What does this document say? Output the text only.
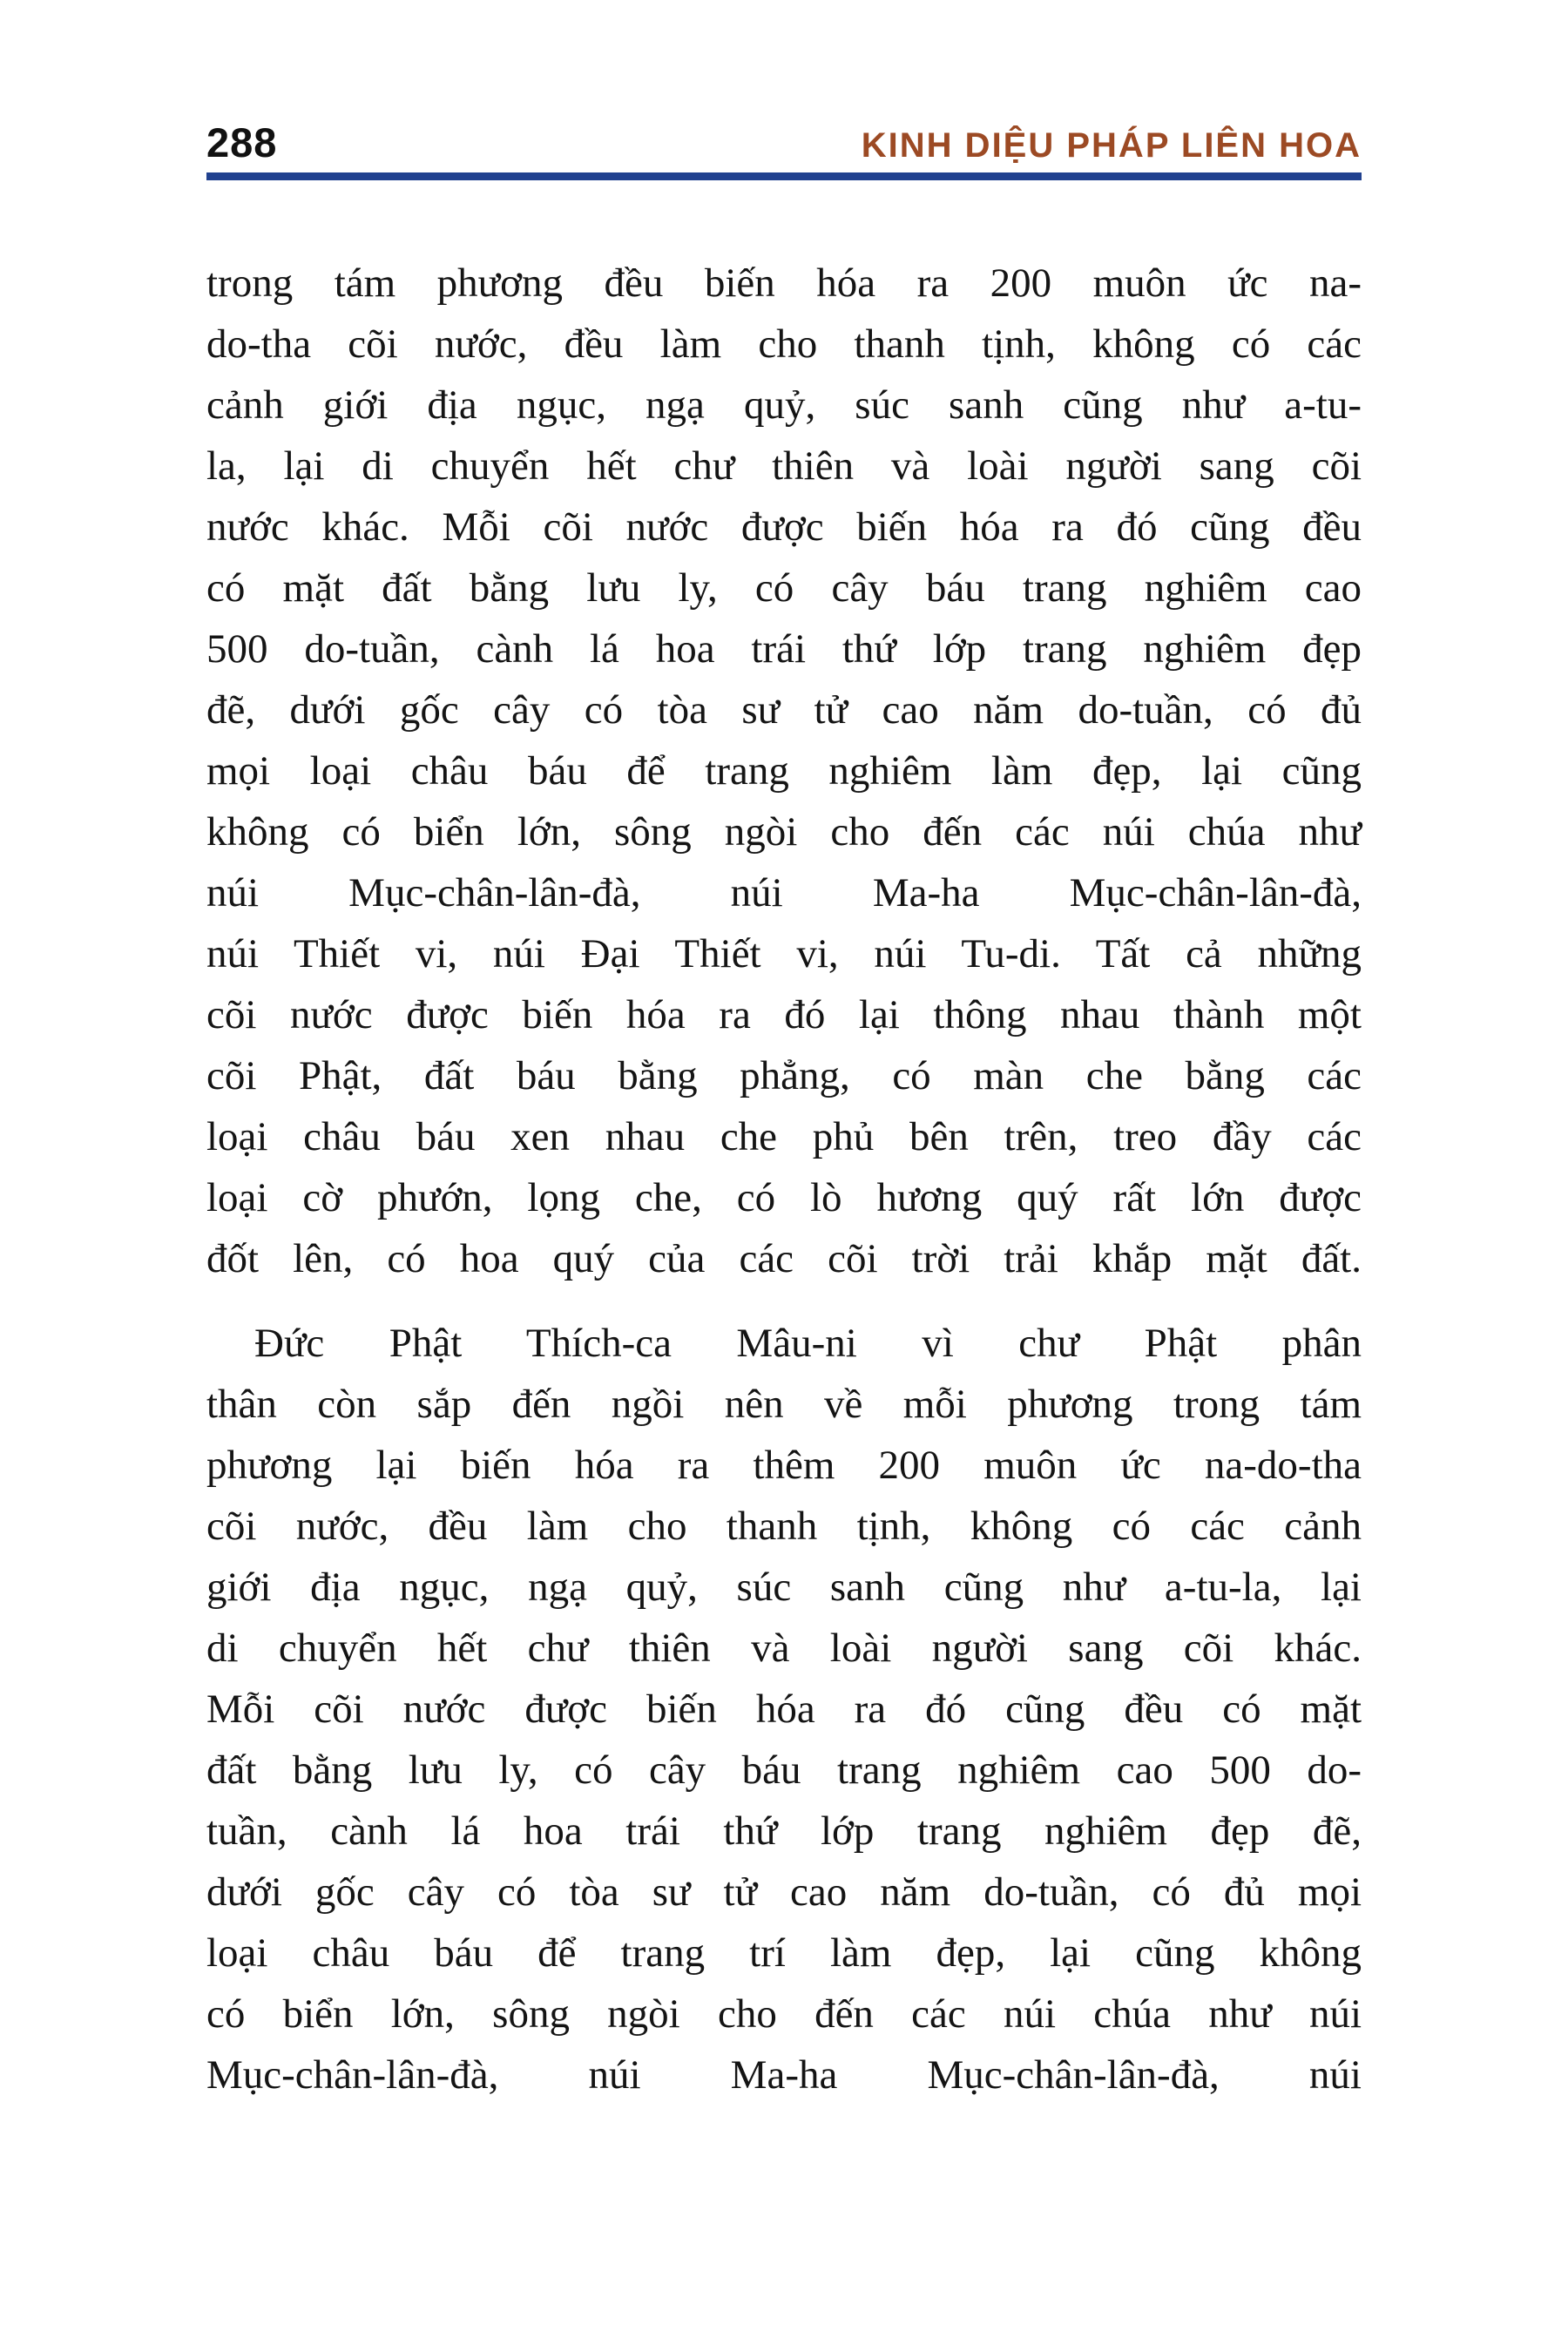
288	KINH DIỆU PHÁP LIÊN HOA
trong tám phương đều biến hóa ra 200 muôn ức na-
do-tha cõi nước, đều làm cho thanh tịnh, không có các
cảnh giới địa ngục, ngạ quỷ, súc sanh cũng như a-tu-
la, lại di chuyển hết chư thiên và loài người sang cõi
nước khác. Mỗi cõi nước được biến hóa ra đó cũng đều
có mặt đất bằng lưu ly, có cây báu trang nghiêm cao
500 do-tuần, cành lá hoa trái thứ lớp trang nghiêm đẹp
đẽ, dưới gốc cây có tòa sư tử cao năm do-tuần, có đủ
mọi loại châu báu để trang nghiêm làm đẹp, lại cũng
không có biển lớn, sông ngòi cho đến các núi chúa như
núi Mục-chân-lân-đà, núi Ma-ha Mục-chân-lân-đà,
núi Thiết vi, núi Đại Thiết vi, núi Tu-di. Tất cả những
cõi nước được biến hóa ra đó lại thông nhau thành một
cõi Phật, đất báu bằng phẳng, có màn che bằng các
loại châu báu xen nhau che phủ bên trên, treo đầy các
loại cờ phướn, lọng che, có lò hương quý rất lớn được
đốt lên, có hoa quý của các cõi trời trải khắp mặt đất.
Đức Phật Thích-ca Mâu-ni vì chư Phật phân
thân còn sắp đến ngồi nên về mỗi phương trong tám
phương lại biến hóa ra thêm 200 muôn ức na-do-tha
cõi nước, đều làm cho thanh tịnh, không có các cảnh
giới địa ngục, ngạ quỷ, súc sanh cũng như a-tu-la, lại
di chuyển hết chư thiên và loài người sang cõi khác.
Mỗi cõi nước được biến hóa ra đó cũng đều có mặt
đất bằng lưu ly, có cây báu trang nghiêm cao 500 do-
tuần, cành lá hoa trái thứ lớp trang nghiêm đẹp đẽ,
dưới gốc cây có tòa sư tử cao năm do-tuần, có đủ mọi
loại châu báu để trang trí làm đẹp, lại cũng không
có biển lớn, sông ngòi cho đến các núi chúa như núi
Mục-chân-lân-đà, núi Ma-ha Mục-chân-lân-đà, núi
